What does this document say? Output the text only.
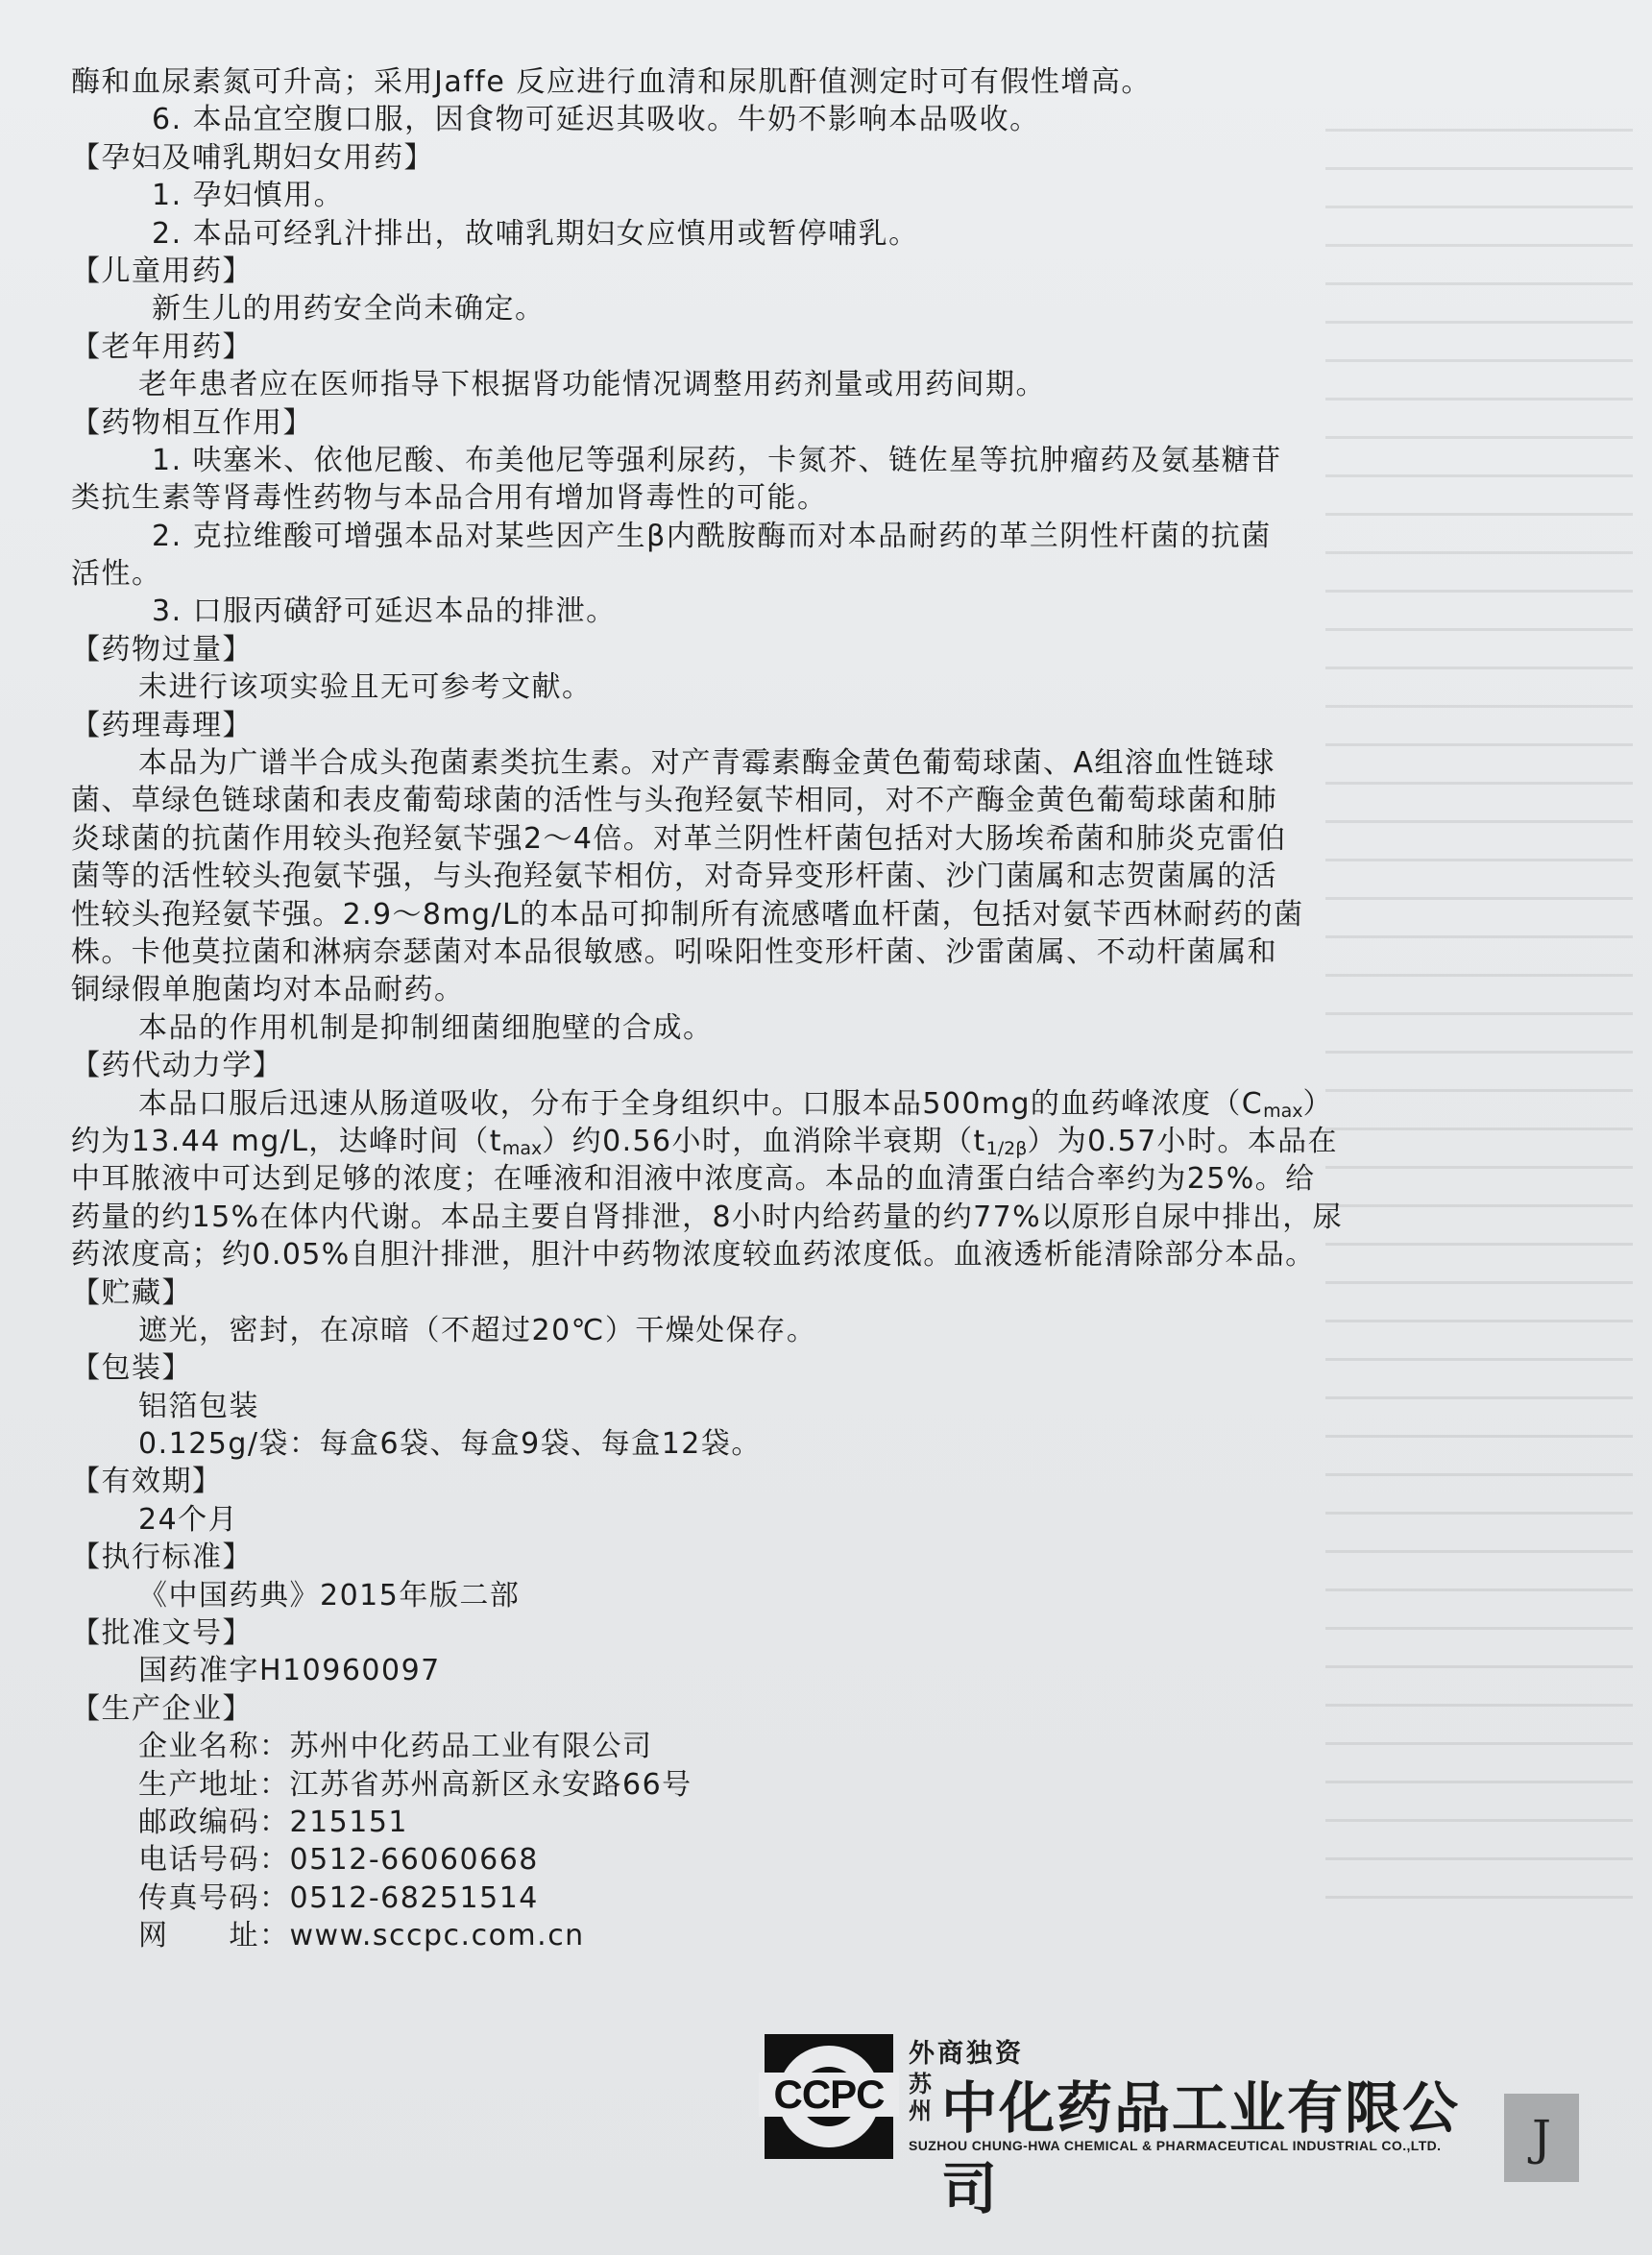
酶和血尿素氮可升高；采用Jaffe 反应进行血清和尿肌酐值测定时可有假性增高。
6. 本品宜空腹口服，因食物可延迟其吸收。牛奶不影响本品吸收。
【孕妇及哺乳期妇女用药】
1. 孕妇慎用。
2. 本品可经乳汁排出，故哺乳期妇女应慎用或暂停哺乳。
【儿童用药】
新生儿的用药安全尚未确定。
【老年用药】
老年患者应在医师指导下根据肾功能情况调整用药剂量或用药间期。
【药物相互作用】
1. 呋塞米、依他尼酸、布美他尼等强利尿药，卡氮芥、链佐星等抗肿瘤药及氨基糖苷
类抗生素等肾毒性药物与本品合用有增加肾毒性的可能。
2. 克拉维酸可增强本品对某些因产生β内酰胺酶而对本品耐药的革兰阴性杆菌的抗菌
活性。
3. 口服丙磺舒可延迟本品的排泄。
【药物过量】
未进行该项实验且无可参考文献。
【药理毒理】
本品为广谱半合成头孢菌素类抗生素。对产青霉素酶金黄色葡萄球菌、A组溶血性链球
菌、草绿色链球菌和表皮葡萄球菌的活性与头孢羟氨苄相同，对不产酶金黄色葡萄球菌和肺
炎球菌的抗菌作用较头孢羟氨苄强2～4倍。对革兰阴性杆菌包括对大肠埃希菌和肺炎克雷伯
菌等的活性较头孢氨苄强，与头孢羟氨苄相仿，对奇异变形杆菌、沙门菌属和志贺菌属的活
性较头孢羟氨苄强。2.9～8mg/L的本品可抑制所有流感嗜血杆菌，包括对氨苄西林耐药的菌
株。卡他莫拉菌和淋病奈瑟菌对本品很敏感。吲哚阳性变形杆菌、沙雷菌属、不动杆菌属和
铜绿假单胞菌均对本品耐药。
本品的作用机制是抑制细菌细胞壁的合成。
【药代动力学】
本品口服后迅速从肠道吸收，分布于全身组织中。口服本品500mg的血药峰浓度$(C_{max})$
约为13.44 mg/L，达峰时间$(t_{max})$约0.56小时，血消除半衰期$(t_{1/2\beta})$为0.57小时。本品在
中耳脓液中可达到足够的浓度；在唾液和泪液中浓度高。本品的血清蛋白结合率约为25%。给
药量的约15%在体内代谢。本品主要自肾排泄，8小时内给药量的约77%以原形自尿中排出，尿
药浓度高；约0.05%自胆汁排泄，胆汁中药物浓度较血药浓度低。血液透析能清除部分本品。
【贮藏】
遮光，密封，在凉暗（不超过20℃）干燥处保存。
【包装】
铝箔包装
0.125g/袋：每盒6袋、每盒9袋、每盒12袋。
【有效期】
24个月
【执行标准】
《中国药典》2015年版二部
【批准文号】
国药准字H10960097
【生产企业】
企业名称：苏州中化药品工业有限公司
生产地址：江苏省苏州高新区永安路66号
邮政编码：215151
电话号码：0512-66060668
传真号码：0512-68251514
网　　址：www.sccpc.com.cn
CCPC
外商独资
苏州 中化药品工业有限公司
SUZHOU CHUNG-HWA CHEMICAL & PHARMACEUTICAL INDUSTRIAL CO.,LTD.	J
